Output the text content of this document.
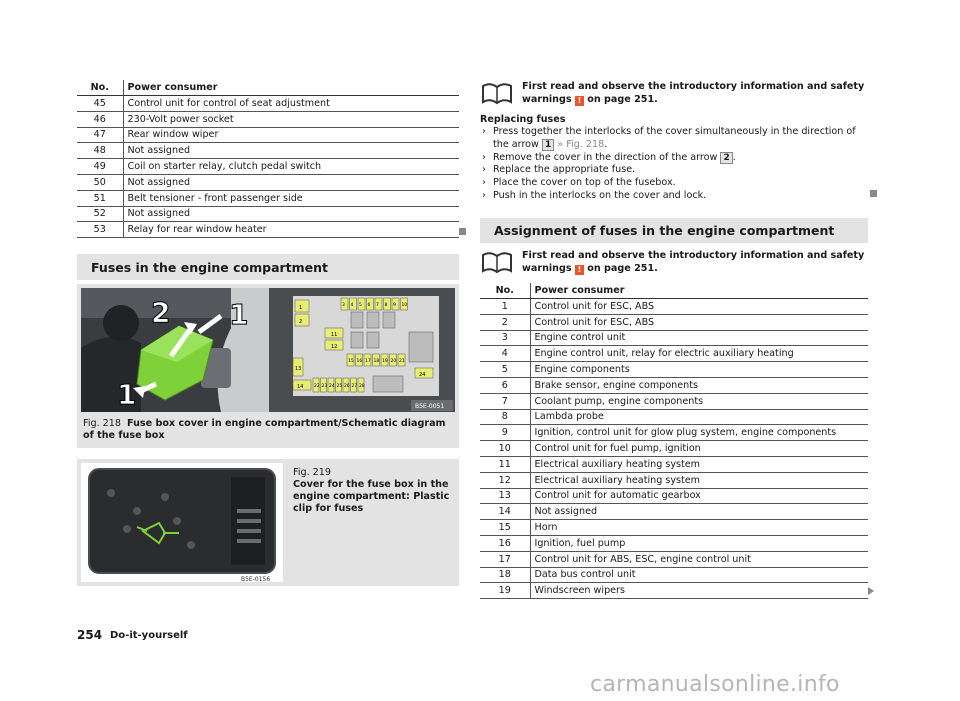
No.	Power consumer
45	Control unit for control of seat adjustment
46	230-Volt power socket
47	Rear window wiper
48	Not assigned
49	Coil on starter relay, clutch pedal switch
50	Not assigned
51	Belt tensioner - front passenger side
52	Not assigned
53	Relay for rear window heater
Fuses in the engine compartment
2 1
1
3 4 5 6 7 8 9 10
15 16 17 18 19 20 21
22 23 24 25 26 27 28
1
2
11
12
13
14
24
B5E-0051
Fig. 218 Fuse box cover in engine compartment/Schematic diagram of the fuse box
B5E-0156
Fig. 219
Cover for the fuse box in the engine compartment: Plastic clip for fuses
First read and observe the introductory information and safety warnings ! on page 251.
Replacing fuses
› Press together the interlocks of the cover simultaneously in the direction of the arrow 1 » Fig. 218.
› Remove the cover in the direction of the arrow 2 .
› Replace the appropriate fuse.
› Place the cover on top of the fusebox.
› Push in the interlocks on the cover and lock.
Assignment of fuses in the engine compartment
First read and observe the introductory information and safety warnings ! on page 251.
No.	Power consumer
1	Control unit for ESC, ABS
2	Control unit for ESC, ABS
3	Engine control unit
4	Engine control unit, relay for electric auxiliary heating
5	Engine components
6	Brake sensor, engine components
7	Coolant pump, engine components
8	Lambda probe
9	Ignition, control unit for glow plug system, engine components
10	Control unit for fuel pump, ignition
11	Electrical auxiliary heating system
12	Electrical auxiliary heating system
13	Control unit for automatic gearbox
14	Not assigned
15	Horn
16	Ignition, fuel pump
17	Control unit for ABS, ESC, engine control unit
18	Data bus control unit
19	Windscreen wipers
254 Do-it-yourself
carmanualsonline.info
